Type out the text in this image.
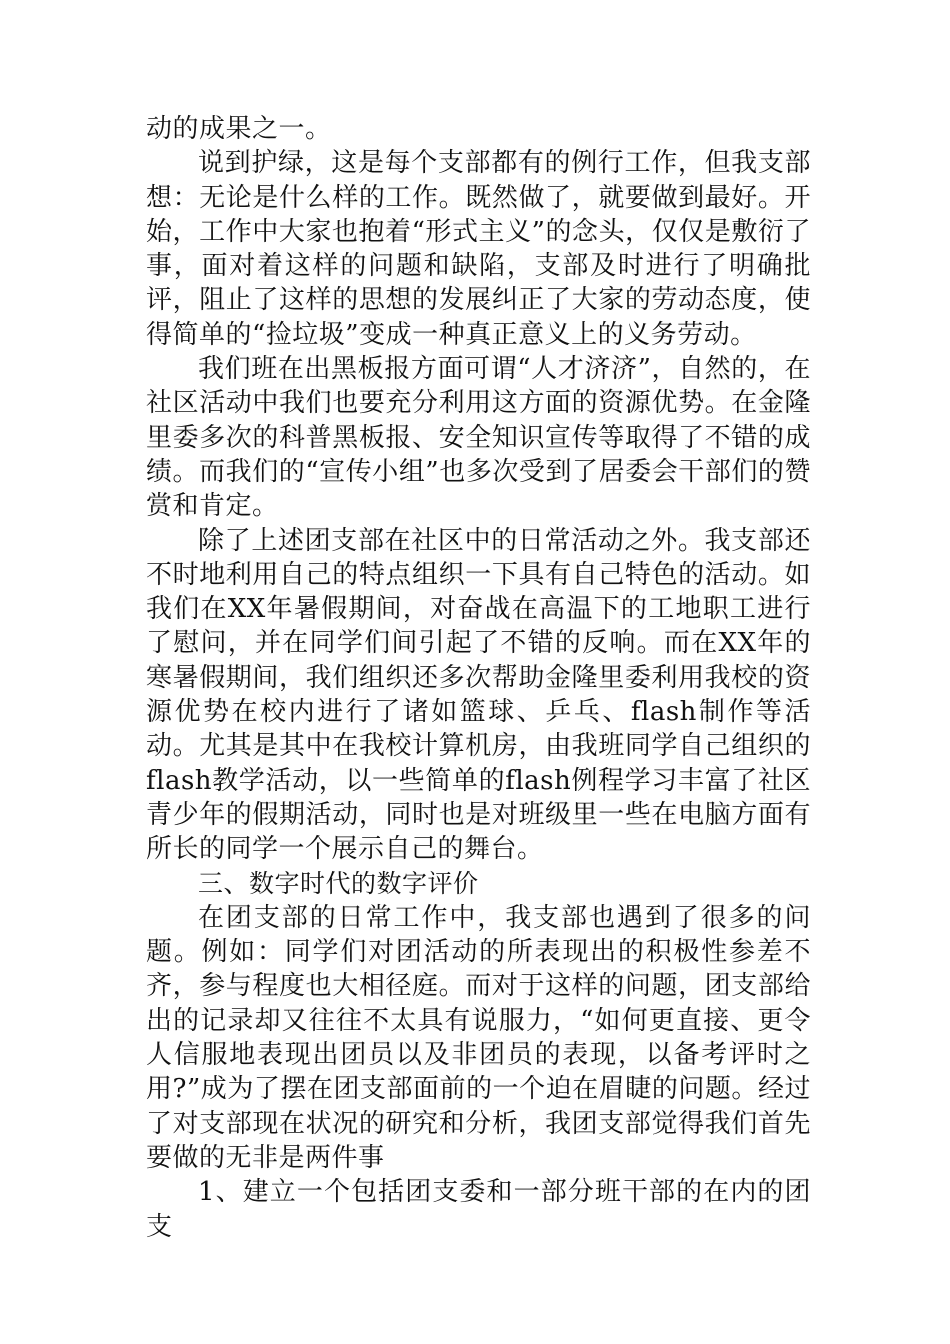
动的成果之一。

说到护绿，这是每个支部都有的例行工作，但我支部想：无论是什么样的工作。既然做了，就要做到最好。开始，工作中大家也抱着“形式主义”的念头，仅仅是敷衍了事，面对着这样的问题和缺陷，支部及时进行了明确批评，阻止了这样的思想的发展纠正了大家的劳动态度，使得简单的“捡垃圾”变成一种真正意义上的义务劳动。

我们班在出黑板报方面可谓“人才济济”，自然的，在社区活动中我们也要充分利用这方面的资源优势。在金隆里委多次的科普黑板报、安全知识宣传等取得了不错的成绩。而我们的“宣传小组”也多次受到了居委会干部们的赞赏和肯定。

除了上述团支部在社区中的日常活动之外。我支部还不时地利用自己的特点组织一下具有自己特色的活动。如我们在XX年暑假期间，对奋战在高温下的工地职工进行了慰问，并在同学们间引起了不错的反响。而在XX年的寒暑假期间，我们组织还多次帮助金隆里委利用我校的资源优势在校内进行了诸如篮球、乒乓、flash制作等活动。尤其是其中在我校计算机房，由我班同学自己组织的flash教学活动，以一些简单的flash例程学习丰富了社区青少年的假期活动，同时也是对班级里一些在电脑方面有所长的同学一个展示自己的舞台。

三、数字时代的数字评价

在团支部的日常工作中，我支部也遇到了很多的问题。例如：同学们对团活动的所表现出的积极性参差不齐，参与程度也大相径庭。而对于这样的问题，团支部给出的记录却又往往不太具有说服力，“如何更直接、更令人信服地表现出团员以及非团员的表现，以备考评时之用?”成为了摆在团支部面前的一个迫在眉睫的问题。经过了对支部现在状况的研究和分析，我团支部觉得我们首先要做的无非是两件事

1、建立一个包括团支委和一部分班干部的在内的团支
